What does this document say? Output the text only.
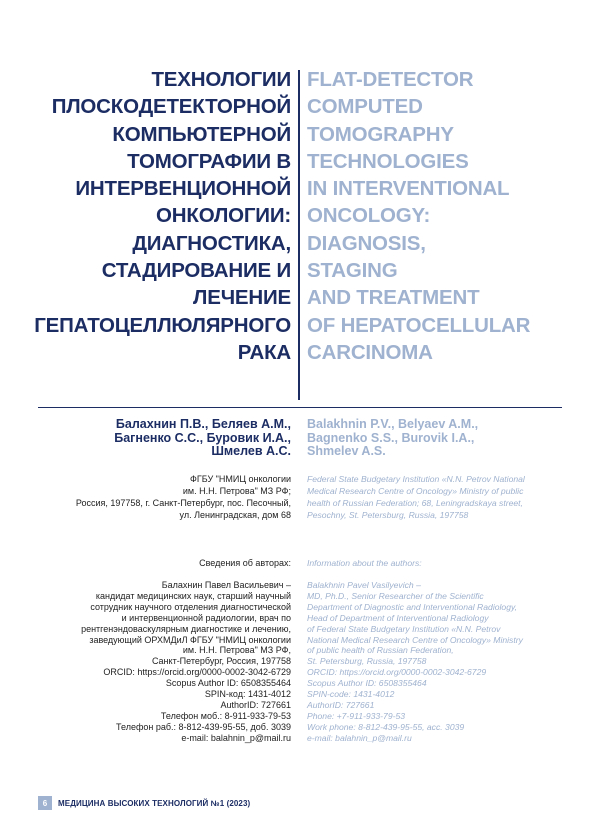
ТЕХНОЛОГИИ
ПЛОСКОДЕТЕКТОРНОЙ
КОМПЬЮТЕРНОЙ
ТОМОГРАФИИ В
ИНТЕРВЕНЦИОННОЙ
ОНКОЛОГИИ:
ДИАГНОСТИКА,
СТАДИРОВАНИЕ И
ЛЕЧЕНИЕ
ГЕПАТОЦЕЛЛЮЛЯРНОГО
РАКА
FLAT-DETECTOR
COMPUTED
TOMOGRAPHY
TECHNOLOGIES
IN INTERVENTIONAL
ONCOLOGY:
DIAGNOSIS,
STAGING
AND TREATMENT
OF HEPATOCELLULAR
CARCINOMA
Балахнин П.В., Беляев А.М.,
Багненко С.С., Буровик И.А.,
Шмелев А.С.
Balakhnin P.V., Belyaev A.M.,
Bagnenko S.S., Burovik I.A.,
Shmelev A.S.
ФГБУ "НМИЦ онкологии
им. Н.Н. Петрова" МЗ РФ;
Россия, 197758, г. Санкт-Петербург, пос. Песочный,
ул. Ленинградская, дом 68
Federal State Budgetary Institution «N.N. Petrov National
Medical Research Centre of Oncology» Ministry of public
health of Russian Federation; 68, Leningradskaya street,
Pesochny, St. Petersburg, Russia, 197758
Сведения об авторах: Information about the authors:
Балахнин Павел Васильевич –
кандидат медицинских наук, старший научный
сотрудник научного отделения диагностической
и интервенционной радиологии, врач по
рентгенэндоваскулярным диагностике и лечению,
заведующий ОРХМДиЛ ФГБУ "НМИЦ онкологии
им. Н.Н. Петрова" МЗ РФ,
Санкт-Петербург, Россия, 197758
ORCID: https://orcid.org/0000-0002-3042-6729
Scopus Author ID: 6508355464
SPIN-код: 1431-4012
AuthorID: 727661
Телефон моб.: 8-911-933-79-53
Телефон раб.: 8-812-439-95-55, доб. 3039
e-mail: balahnin_p@mail.ru
Balakhnin Pavel Vasilyevich –
MD, Ph.D., Senior Researcher of the Scientific
Department of Diagnostic and Interventional Radiology,
Head of Department of Interventional Radiology
of Federal State Budgetary Institution «N.N. Petrov
National Medical Research Centre of Oncology» Ministry
of public health of Russian Federation,
St. Petersburg, Russia, 197758
ORCID: https://orcid.org/0000-0002-3042-6729
Scopus Author ID: 6508355464
SPIN-code: 1431-4012
AuthorID: 727661
Phone: +7-911-933-79-53
Work phone: 8-812-439-95-55, acc. 3039
e-mail: balahnin_p@mail.ru
6	МЕДИЦИНА ВЫСОКИХ ТЕХНОЛОГИЙ №1 (2023)
